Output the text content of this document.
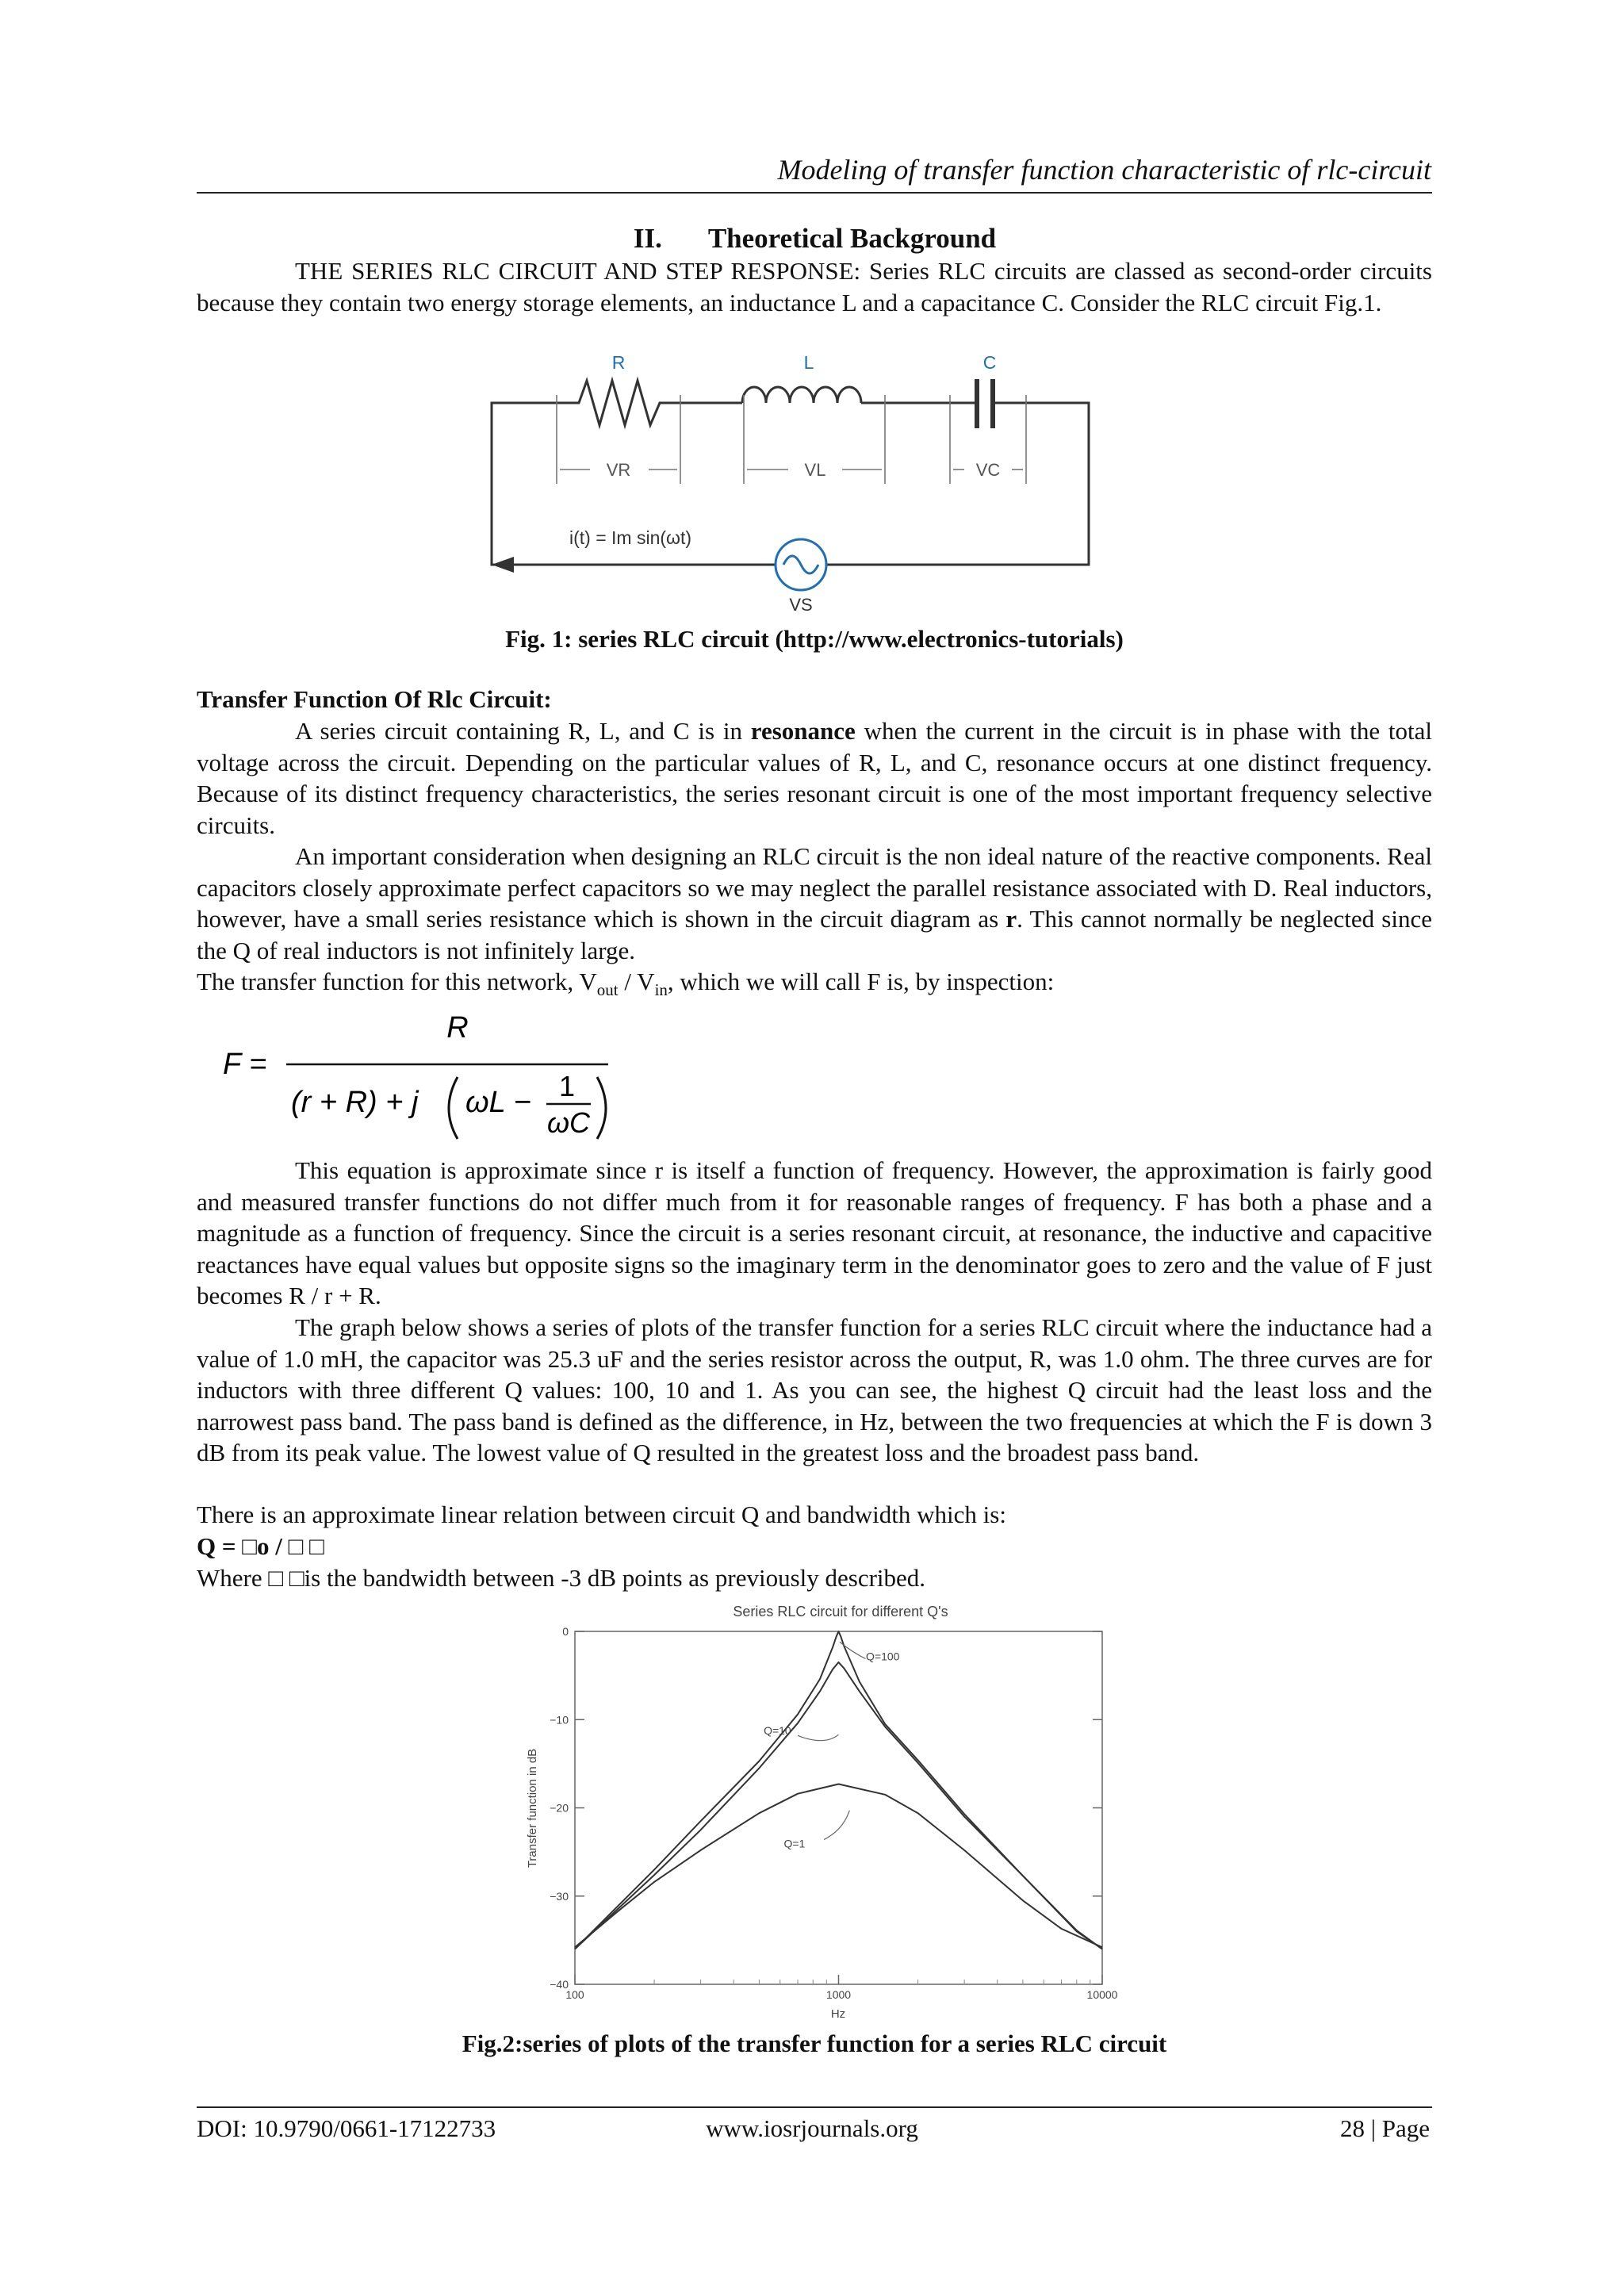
Modeling of transfer function characteristic of rlc-circuit
II. Theoretical Background

THE SERIES RLC CIRCUIT AND STEP RESPONSE: Series RLC circuits are classed as second-order circuits because they contain two energy storage elements, an inductance L and a capacitance C. Consider the RLC circuit Fig.1.

R	L	C
VR	VL	VC
i(t) = Im sin(ωt)
VS
Fig. 1: series RLC circuit (http://www.electronics-tutorials)
Transfer Function Of Rlc Circuit:

A series circuit containing R, L, and C is in resonance when the current in the circuit is in phase with the total voltage across the circuit. Depending on the particular values of R, L, and C, resonance occurs at one distinct frequency. Because of its distinct frequency characteristics, the series resonant circuit is one of the most important frequency selective circuits.

An important consideration when designing an RLC circuit is the non ideal nature of the reactive components. Real capacitors closely approximate perfect capacitors so we may neglect the parallel resistance associated with D. Real inductors, however, have a small series resistance which is shown in the circuit diagram as r. This cannot normally be neglected since the Q of real inductors is not infinitely large.

The transfer function for this network, $V_{out} / V_{in}$, which we will call F is, by inspection:

F =
R
(r + R) + j ωL − 1
ωC

This equation is approximate since r is itself a function of frequency. However, the approximation is fairly good and measured transfer functions do not differ much from it for reasonable ranges of frequency. F has both a phase and a magnitude as a function of frequency. Since the circuit is a series resonant circuit, at resonance, the inductive and capacitive reactances have equal values but opposite signs so the imaginary term in the denominator goes to zero and the value of F just becomes R / r + R.

The graph below shows a series of plots of the transfer function for a series RLC circuit where the inductance had a value of 1.0 mH, the capacitor was 25.3 uF and the series resistor across the output, R, was 1.0 ohm. The three curves are for inductors with three different Q values: 100, 10 and 1. As you can see, the highest Q circuit had the least loss and the narrowest pass band. The pass band is defined as the difference, in Hz, between the two frequencies at which the F is down 3 dB from its peak value. The lowest value of Q resulted in the greatest loss and the broadest pass band.

There is an approximate linear relation between circuit Q and bandwidth which is:

Q = □o / □ □
Where □ □is the bandwidth between -3 dB points as previously described.
Series RLC circuit for different Q's
0
−10
−20
−30
−40
100	1000	10000
Q=100
Q=10
Q=1
Transfer function in dB
Hz
Fig.2:series of plots of the transfer function for a series RLC circuit
DOI: 10.9790/0661-17122733	www.iosrjournals.org	28 | Page
